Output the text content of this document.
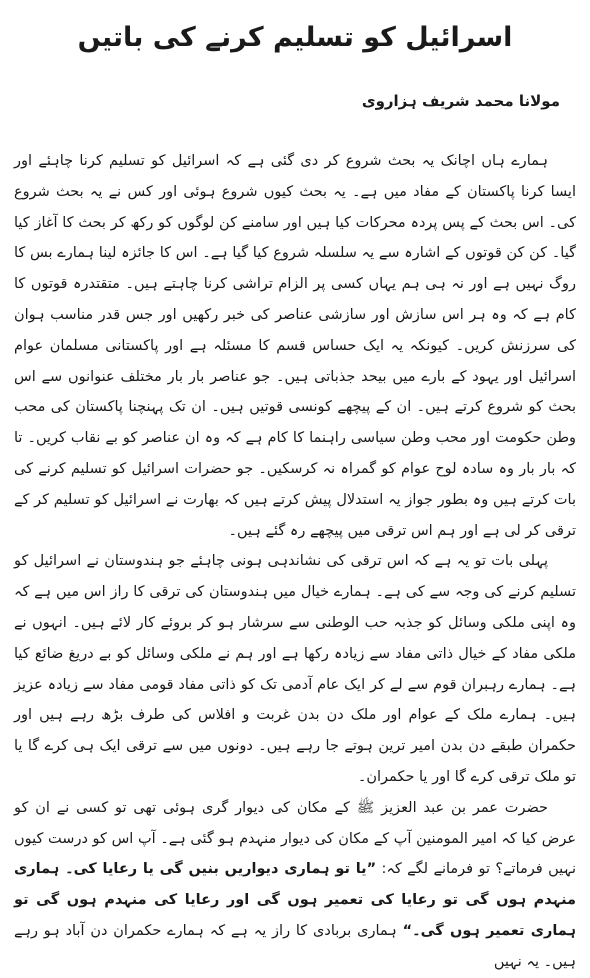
اسرائیل کو تسلیم کرنے کی باتیں
مولانا محمد شریف ہزاروی

ہمارے ہاں اچانک یہ بحث شروع کر دی گئی ہے کہ اسرائیل کو تسلیم کرنا چاہئے اور ایسا کرنا پاکستان کے مفاد میں ہے۔ یہ بحث کیوں شروع ہوئی اور کس نے یہ بحث شروع کی۔ اس بحث کے پس پردہ محرکات کیا ہیں اور سامنے کن لوگوں کو رکھ کر بحث کا آغاز کیا گیا۔ کن کن قوتوں کے اشارہ سے یہ سلسلہ شروع کیا گیا ہے۔ اس کا جائزہ لینا ہمارے بس کا روگ نہیں ہے اور نہ ہی ہم یہاں کسی پر الزام تراشی کرنا چاہتے ہیں۔ متقتدرہ قوتوں کا کام ہے کہ وہ ہر اس سازش اور سازشی عناصر کی خبر رکھیں اور جس قدر مناسب ہوان کی سرزنش کریں۔ کیونکہ یہ ایک حساس قسم کا مسئلہ ہے اور پاکستانی مسلمان عوام اسرائیل اور یہود کے بارے میں بیحد جذباتی ہیں۔ جو عناصر بار بار مختلف عنوانوں سے اس بحث کو شروع کرتے ہیں۔ ان کے پیچھے کونسی قوتیں ہیں۔ ان تک پہنچنا پاکستان کی محب وطن حکومت اور محب وطن سیاسی راہنما کا کام ہے کہ وہ ان عناصر کو بے نقاب کریں۔ تا کہ بار بار وہ سادہ لوح عوام کو گمراہ نہ کرسکیں۔ جو حضرات اسرائیل کو تسلیم کرنے کی بات کرتے ہیں وہ بطور جواز یہ استدلال پیش کرتے ہیں کہ بھارت نے اسرائیل کو تسلیم کر کے ترقی کر لی ہے اور ہم اس ترقی میں پیچھے رہ گئے ہیں۔

پہلی بات تو یہ ہے کہ اس ترقی کی نشاندہی ہونی چاہئے جو ہندوستان نے اسرائیل کو تسلیم کرنے کی وجہ سے کی ہے۔ ہمارے خیال میں ہندوستان کی ترقی کا راز اس میں ہے کہ وہ اپنی ملکی وسائل کو جذبہ حب الوطنی سے سرشار ہو کر بروئے کار لائے ہیں۔ انہوں نے ملکی مفاد کے خیال ذاتی مفاد سے زیادہ رکھا ہے اور ہم نے ملکی وسائل کو بے دریغ ضائع کیا ہے۔ ہمارے رہبران قوم سے لے کر ایک عام آدمی تک کو ذاتی مفاد قومی مفاد سے زیادہ عزیز ہیں۔ ہمارے ملک کے عوام اور ملک دن بدن غربت و افلاس کی طرف بڑھ رہے ہیں اور حکمران طبقے دن بدن امیر ترین ہوتے جا رہے ہیں۔ دونوں میں سے ترقی ایک ہی کرے گا یا تو ملک ترقی کرے گا اور یا حکمران۔

حضرت عمر بن عبد العزیز ﷺ کے مکان کی دیوار گری ہوئی تھی تو کسی نے ان کو عرض کیا کہ امیر المومنین آپ کے مکان کی دیوار منہدم ہو گئی ہے۔ آپ اس کو درست کیوں نہیں فرماتے؟ تو فرمانے لگے کہ: ”یا تو ہماری دیواریں بنیں گی یا رعایا کی۔ ہماری منہدم ہوں گی تو رعایا کی تعمیر ہوں گی اور رعایا کی منہدم ہوں گی تو ہماری تعمیر ہوں گی۔“ ہماری بربادی کا راز یہ ہے کہ ہمارے حکمران دن آباد ہو رہے ہیں۔ یہ نہیں
